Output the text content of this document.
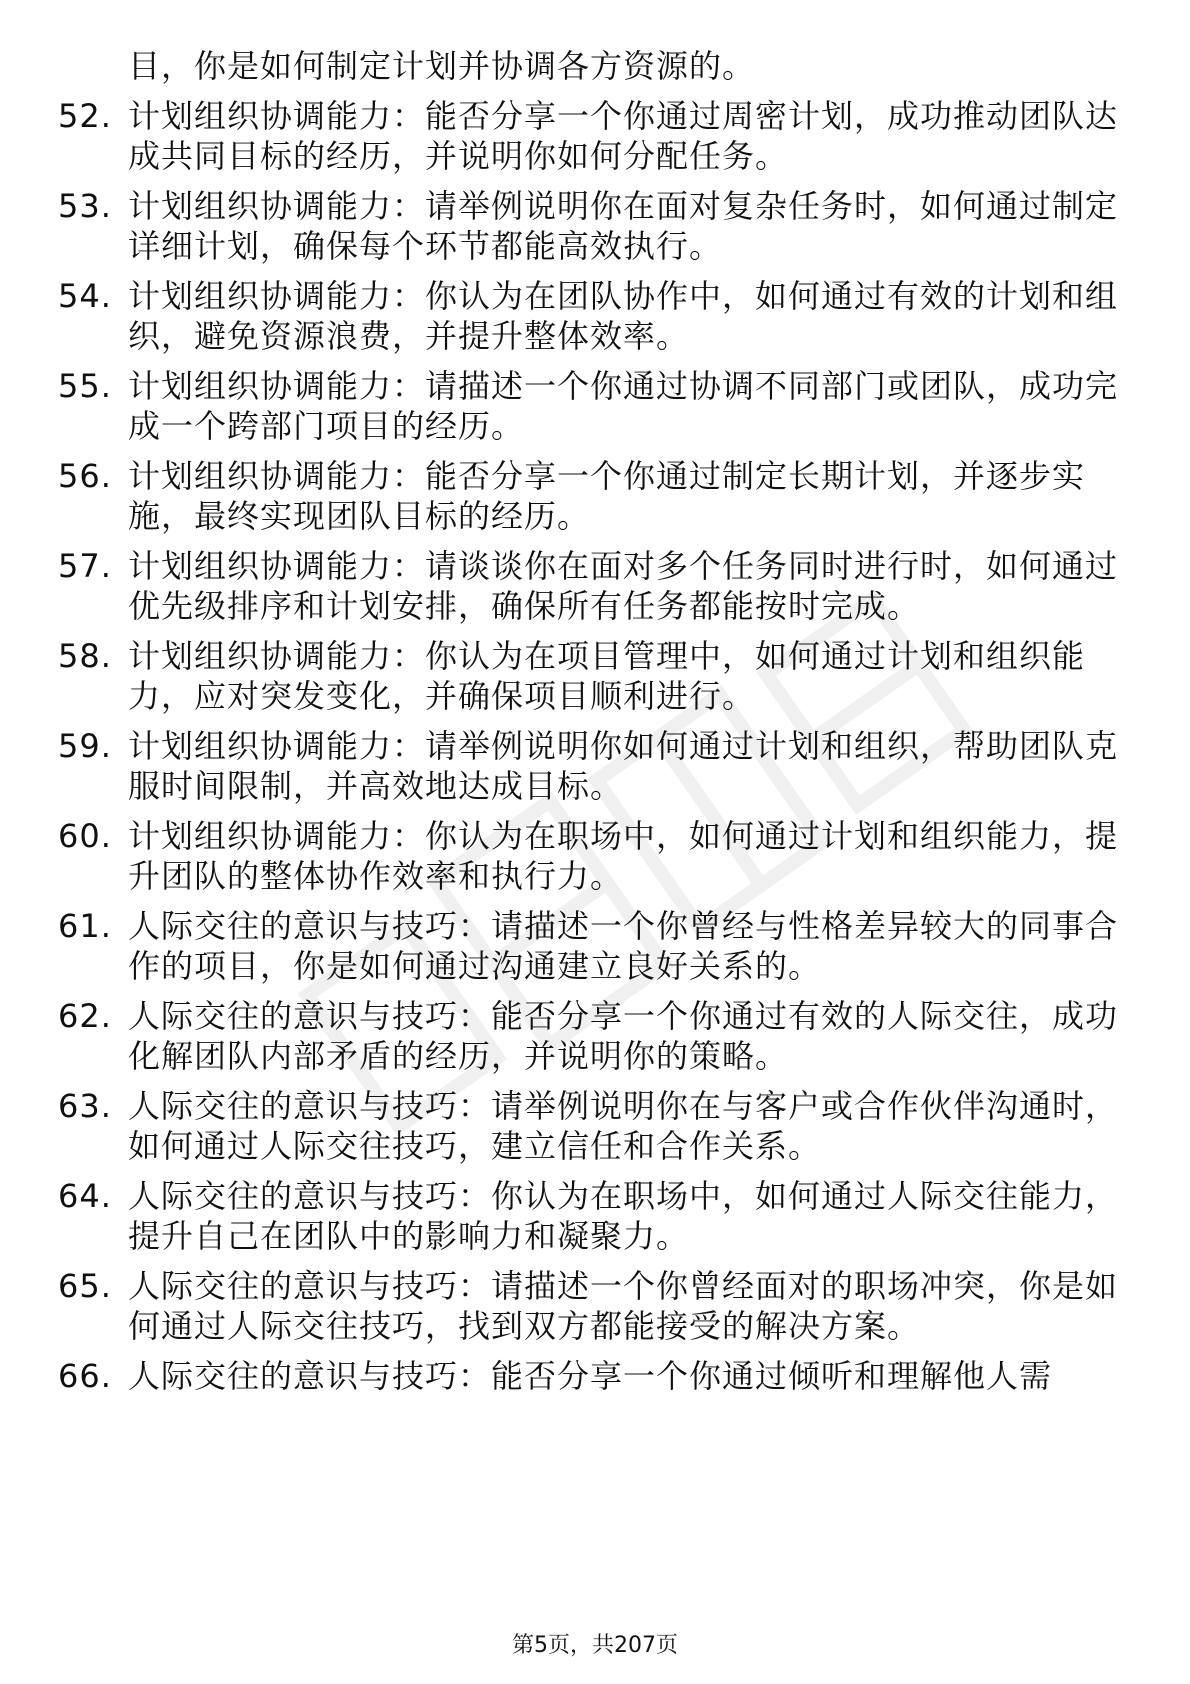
目，你是如何制定计划并协调各方资源的。
52. 计划组织协调能力：能否分享一个你通过周密计划，成功推动团队达成共同目标的经历，并说明你如何分配任务。
53. 计划组织协调能力：请举例说明你在面对复杂任务时，如何通过制定详细计划，确保每个环节都能高效执行。
54. 计划组织协调能力：你认为在团队协作中，如何通过有效的计划和组织，避免资源浪费，并提升整体效率。
55. 计划组织协调能力：请描述一个你通过协调不同部门或团队，成功完成一个跨部门项目的经历。
56. 计划组织协调能力：能否分享一个你通过制定长期计划，并逐步实施，最终实现团队目标的经历。
57. 计划组织协调能力：请谈谈你在面对多个任务同时进行时，如何通过优先级排序和计划安排，确保所有任务都能按时完成。
58. 计划组织协调能力：你认为在项目管理中，如何通过计划和组织能力，应对突发变化，并确保项目顺利进行。
59. 计划组织协调能力：请举例说明你如何通过计划和组织，帮助团队克服时间限制，并高效地达成目标。
60. 计划组织协调能力：你认为在职场中，如何通过计划和组织能力，提升团队的整体协作效率和执行力。
61. 人际交往的意识与技巧：请描述一个你曾经与性格差异较大的同事合作的项目，你是如何通过沟通建立良好关系的。
62. 人际交往的意识与技巧：能否分享一个你通过有效的人际交往，成功化解团队内部矛盾的经历，并说明你的策略。
63. 人际交往的意识与技巧：请举例说明你在与客户或合作伙伴沟通时，如何通过人际交往技巧，建立信任和合作关系。
64. 人际交往的意识与技巧：你认为在职场中，如何通过人际交往能力，提升自己在团队中的影响力和凝聚力。
65. 人际交往的意识与技巧：请描述一个你曾经面对的职场冲突，你是如何通过人际交往技巧，找到双方都能接受的解决方案。
66. 人际交往的意识与技巧：能否分享一个你通过倾听和理解他人需
第5页，共207页
